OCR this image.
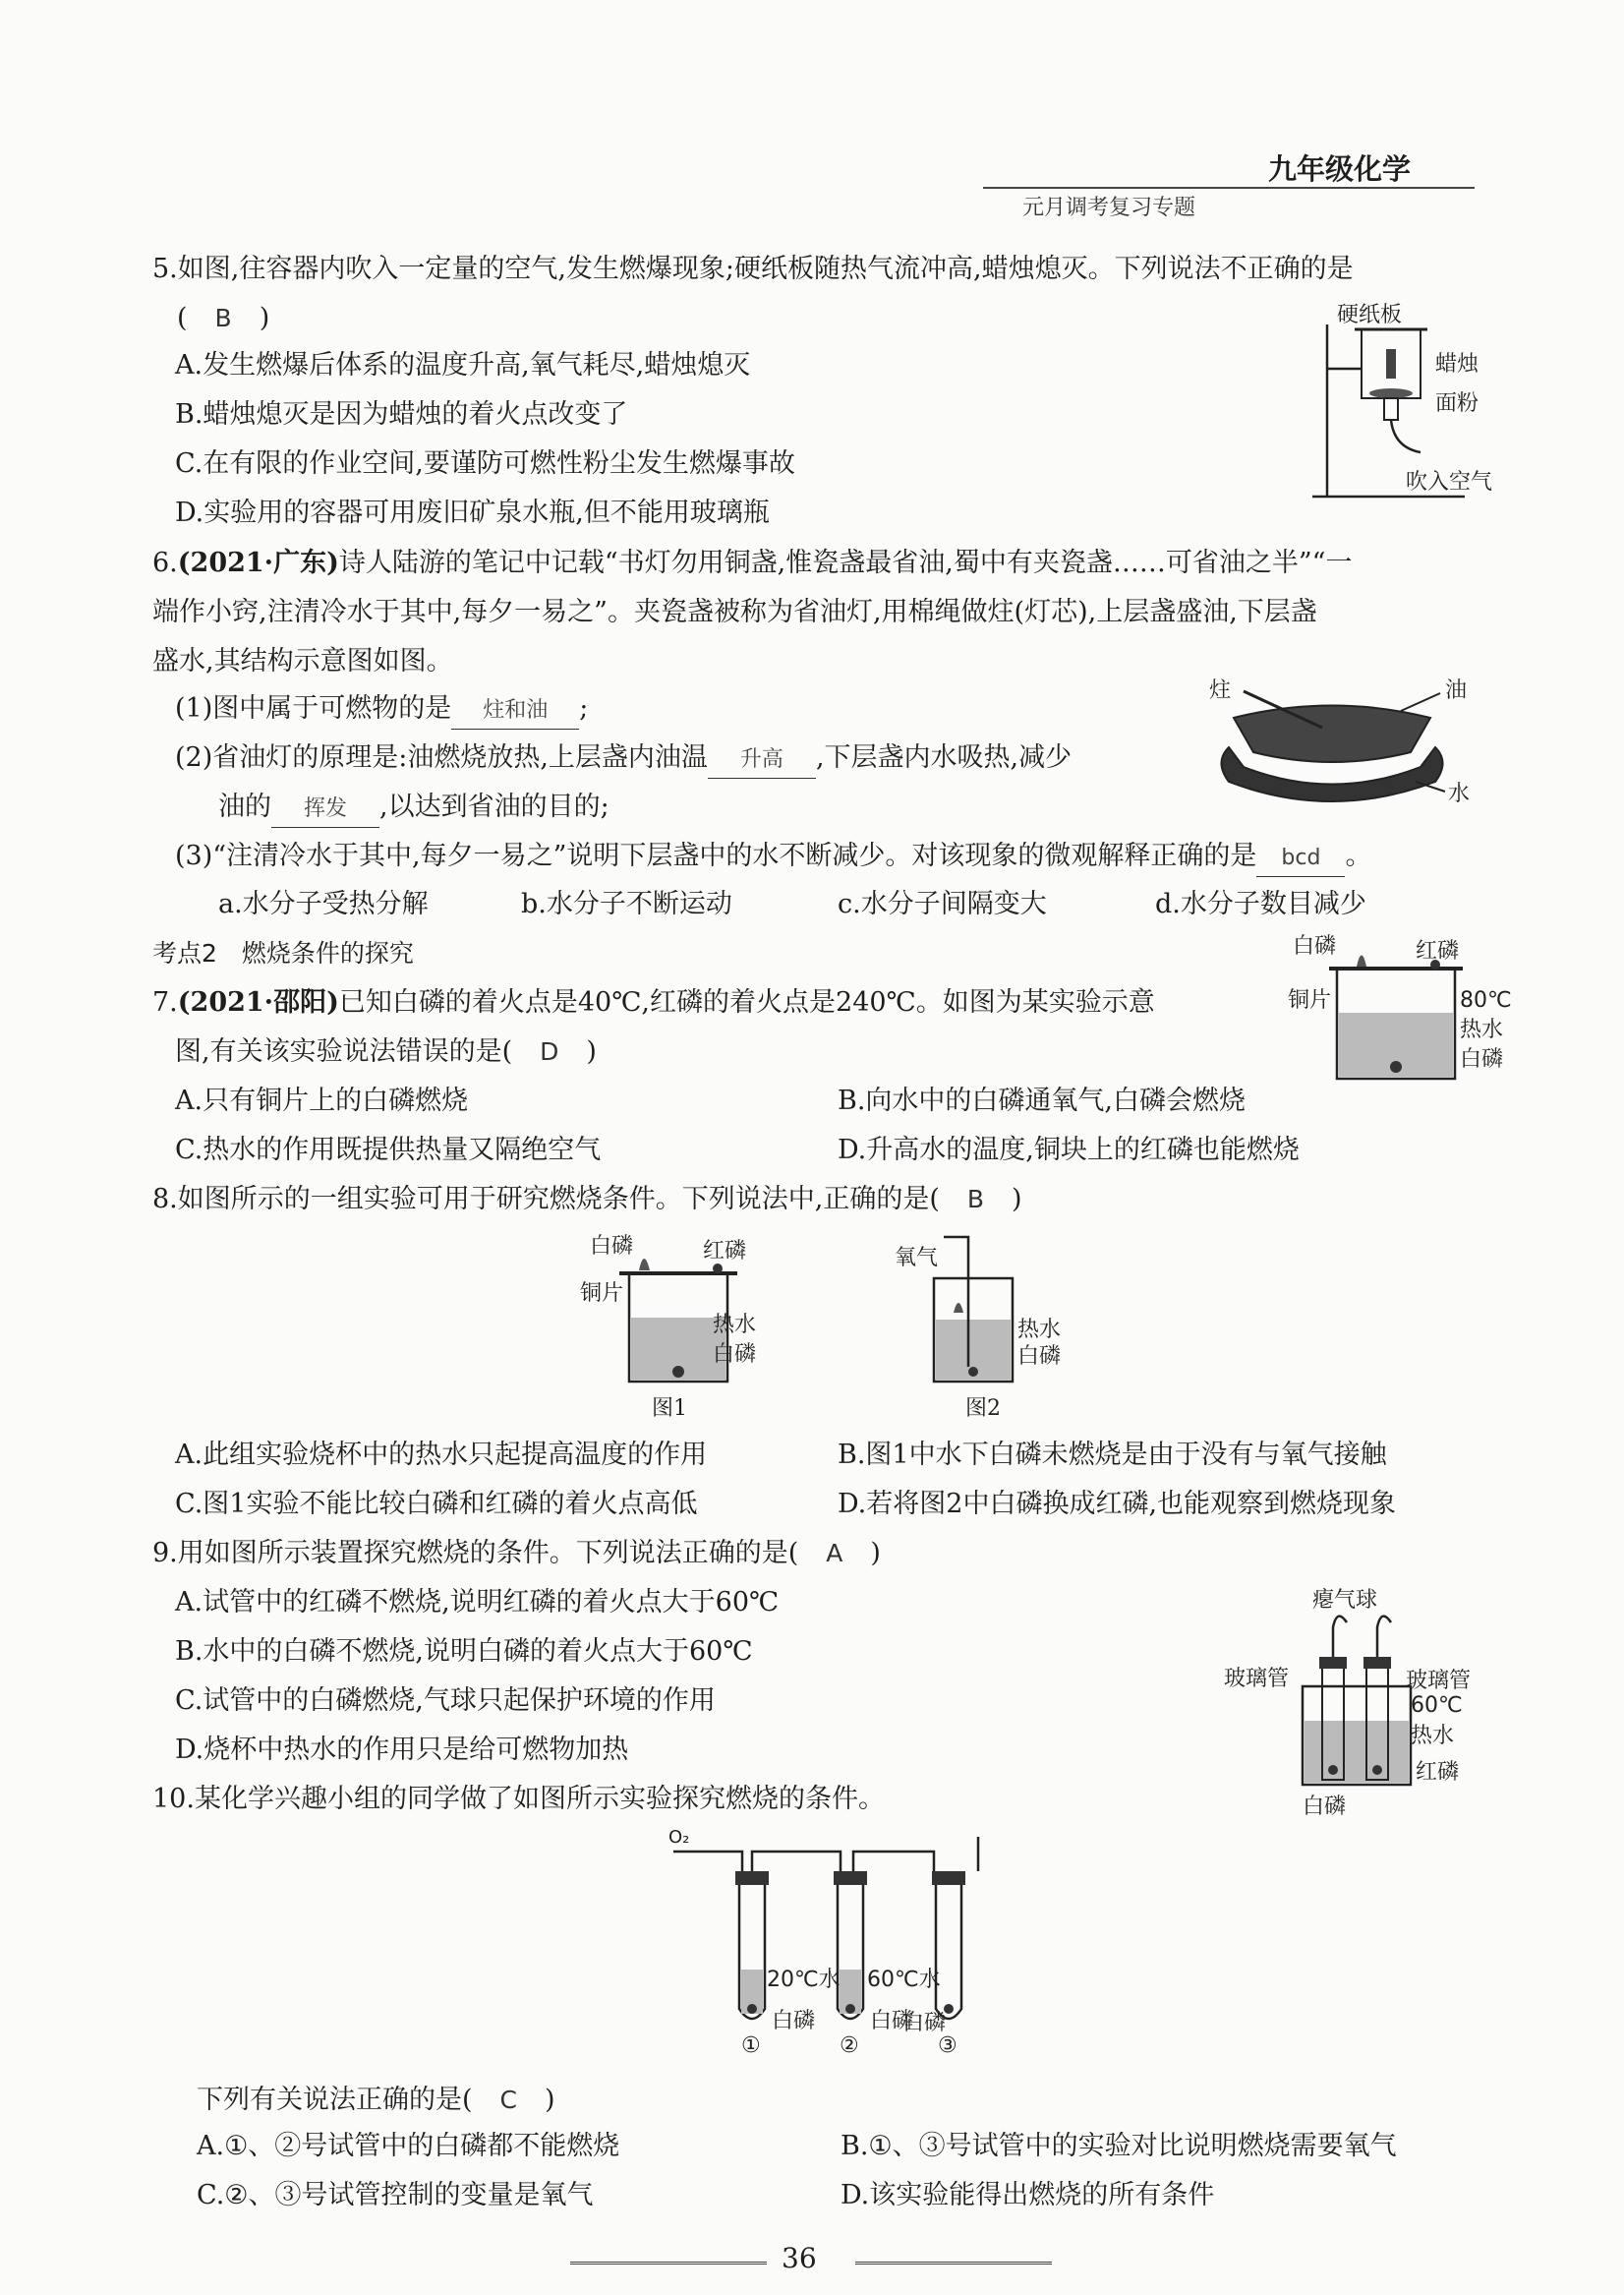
九年级化学
元月调考复习专题
5.如图,往容器内吹入一定量的空气,发生燃爆现象;硬纸板随热气流冲高,蜡烛熄灭。下列说法不正确的是
( B )
A.发生燃爆后体系的温度升高,氧气耗尽,蜡烛熄灭
B.蜡烛熄灭是因为蜡烛的着火点改变了
C.在有限的作业空间,要谨防可燃性粉尘发生燃爆事故
D.实验用的容器可用废旧矿泉水瓶,但不能用玻璃瓶
硬纸板
蜡烛
面粉
吹入空气
6.(2021·广东)诗人陆游的笔记中记载“书灯勿用铜盏,惟瓷盏最省油,蜀中有夹瓷盏……可省油之半”“一
端作小窍,注清冷水于其中,每夕一易之”。夹瓷盏被称为省油灯,用棉绳做炷(灯芯),上层盏盛油,下层盏
盛水,其结构示意图如图。
(1)图中属于可燃物的是 炷和油 ;
(2)省油灯的原理是:油燃烧放热,上层盏内油温 升高 ,下层盏内水吸热,减少
油的 挥发 ,以达到省油的目的;
(3)“注清冷水于其中,每夕一易之”说明下层盏中的水不断减少。对该现象的微观解释正确的是 bcd 。
a.水分子受热分解	b.水分子不断运动	c.水分子间隔变大	d.水分子数目减少
炷	油
水
考点2　燃烧条件的探究
7.(2021·邵阳)已知白磷的着火点是40℃,红磷的着火点是240℃。如图为某实验示意
图,有关该实验说法错误的是( D )
A.只有铜片上的白磷燃烧	B.向水中的白磷通氧气,白磷会燃烧
C.热水的作用既提供热量又隔绝空气	D.升高水的温度,铜块上的红磷也能燃烧
白磷	红磷
铜片	80℃
热水
白磷
8.如图所示的一组实验可用于研究燃烧条件。下列说法中,正确的是( B )
白磷	红磷
铜片
热水
白磷
图1
氧气
热水
白磷
图2
A.此组实验烧杯中的热水只起提高温度的作用	B.图1中水下白磷未燃烧是由于没有与氧气接触
C.图1实验不能比较白磷和红磷的着火点高低	D.若将图2中白磷换成红磷,也能观察到燃烧现象
9.用如图所示装置探究燃烧的条件。下列说法正确的是( A )
A.试管中的红磷不燃烧,说明红磷的着火点大于60℃
B.水中的白磷不燃烧,说明白磷的着火点大于60℃
C.试管中的白磷燃烧,气球只起保护环境的作用
D.烧杯中热水的作用只是给可燃物加热
瘪气球
玻璃管	玻璃管
60℃
热水
红磷
白磷
10.某化学兴趣小组的同学做了如图所示实验探究燃烧的条件。
O₂
20℃水 60℃水
白磷	白磷
白磷
①	②	③
下列有关说法正确的是( C )
A.①、②号试管中的白磷都不能燃烧	B.①、③号试管中的实验对比说明燃烧需要氧气
C.②、③号试管控制的变量是氧气	D.该实验能得出燃烧的所有条件
36
